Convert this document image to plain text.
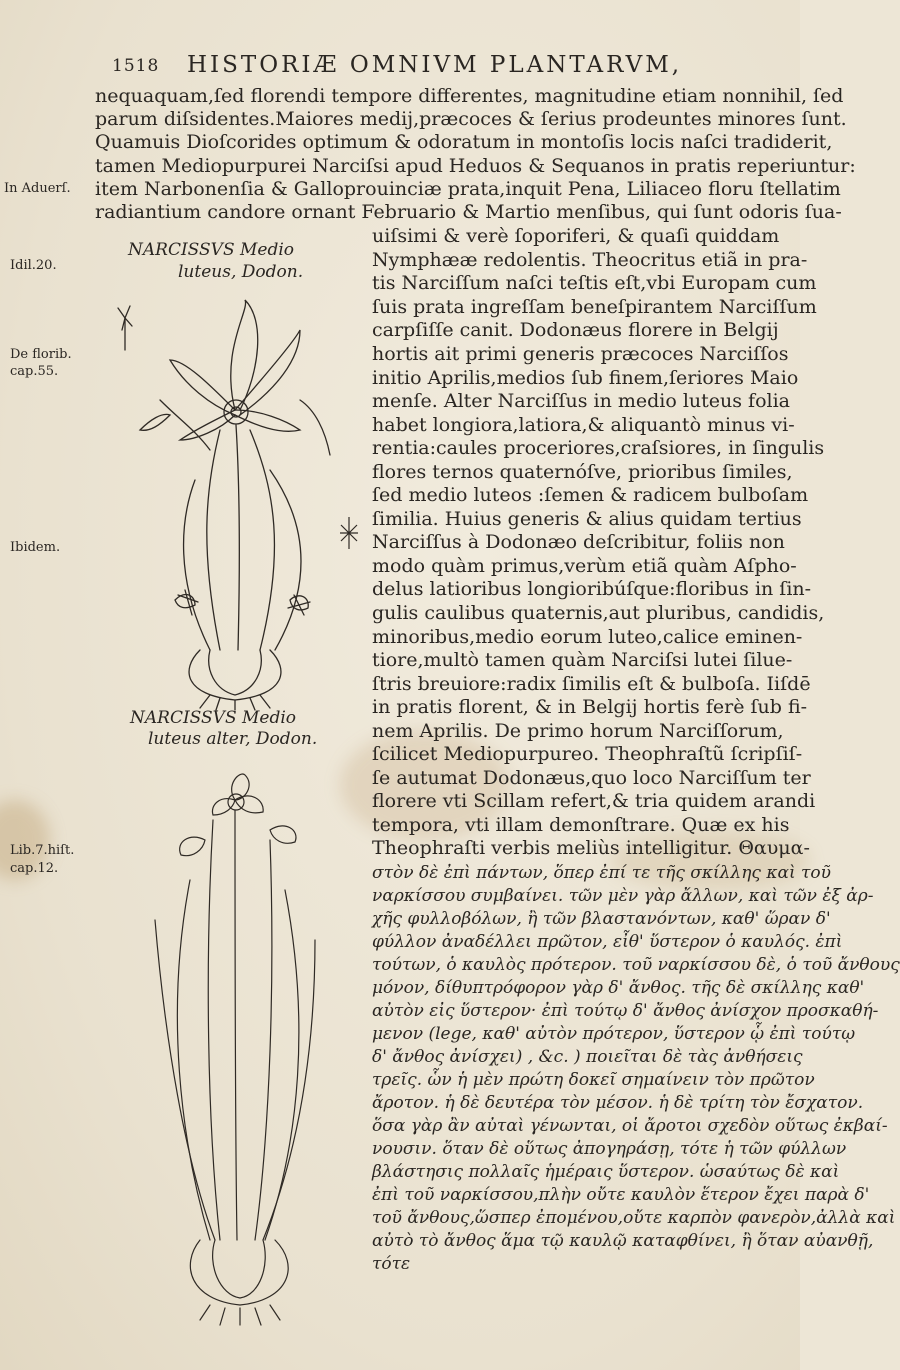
1518 HISTORIÆ OMNIVM PLANTARVM,
nequaquam,ſed florendi tempore differentes, magnitudine etiam nonnihil, ſed
parum diſsidentes.Maiores medij,præcoces & ſerius prodeuntes minores ſunt.
Quamuis Dioſcorides optimum & odoratum in montoſis locis naſci tradiderit,
tamen Mediopurpurei Narciſsi apud Heduos & Sequanos in pratis reperiuntur:
item Narbonenſia & Galloprouinciæ prata,inquit Pena, Liliaceo floru ſtellatim
radiantium candore ornant Februario & Martio menſibus, qui ſunt odoris ſua-
uiſsimi & verè ſoporiferi, & quaſi quiddam
Nymphææ redolentis. Theocritus etiã in pra-
tis Narciſſum naſci teſtis eſt,vbi Europam cum
ſuis prata ingreſſam beneſpirantem Narciſſum
carpſiſſe canit. Dodonæus florere in Belgij
hortis ait primi generis præcoces Narciſſos
initio Aprilis,medios ſub finem,ſeriores Maio
menſe. Alter Narciſſus in medio luteus folia
habet longiora,latiora,& aliquantò minus vi-
rentia:caules proceriores,craſsiores, in ſingulis
flores ternos quaternóſve, prioribus ſimiles,
ſed medio luteos :ſemen & radicem bulboſam
ſimilia. Huius generis & alius quidam tertius
Narciſſus à Dodonæo deſcribitur, foliis non
modo quàm primus,verùm etiã quàm Aſpho-
delus latioribus longioribúſque:floribus in ſin-
gulis caulibus quaternis,aut pluribus, candidis,
minoribus,medio eorum luteo,calice eminen-
tiore,multò tamen quàm Narciſsi lutei ſilue-
ſtris breuiore:radix ſimilis eſt & bulboſa. Iiſdē
in pratis florent, & in Belgij hortis ferè ſub fi-
nem Aprilis. De primo horum Narciſſorum,
ſcilicet Mediopurpureo. Theophraſtũ ſcripſiſ-
ſe autumat Dodonæus,quo loco Narciſſum ter
florere vti Scillam refert,& tria quidem arandi
tempora, vti illam demonſtrare. Quæ ex his
Theophraſti verbis meliùs intelligitur. Θαυμα-
στὸν δὲ ἐπὶ πάντων, ὅπερ ἐπί τε τῆς σκίλλης καὶ τοῦ
ναρκίσσου συμβαίνει. τῶν μὲν γὰρ ἄλλων, καὶ τῶν ἐξ ἀρ-
χῆς φυλλοβόλων, ἢ τῶν βλαστανόντων, καθ' ὥραν δ'
φύλλον ἀναδέλλει πρῶτον, εἶθ' ὕστερον ὁ καυλός. ἐπὶ
τούτων, ὁ καυλὸς πρότερον. τοῦ ναρκίσσου δὲ, ὁ τοῦ ἄνθους
μόνον, δίθυπτρόφορον γὰρ δ' ἄνθος. τῆς δὲ σκίλλης καθ'
αὐτὸν εἰς ὕστερον· ἐπὶ τούτῳ δ' ἄνθος ἀνίσχον προσκαθή-
μενον (lege, καθ' αὐτὸν πρότερον, ὕστερον ᾧ ἐπὶ τούτῳ
δ' ἄνθος ἀνίσχει) , &c. ) ποιεῖται δὲ τὰς ἀνθήσεις
τρεῖς. ὧν ἡ μὲν πρώτη δοκεῖ σημαίνειν τὸν πρῶτον
ἄροτον. ἡ δὲ δευτέρα τὸν μέσον. ἡ δὲ τρίτη τὸν ἔσχατον.
ὅσα γὰρ ἂν αὐταὶ γένωνται, οἱ ἄροτοι σχεδὸν οὕτως ἐκβαί-
νουσιν. ὅταν δὲ οὕτως ἀπογηράσῃ, τότε ἡ τῶν φύλλων
βλάστησις πολλαῖς ἡμέραις ὕστερον. ὡσαύτως δὲ καὶ
ἐπὶ τοῦ ναρκίσσου,πλὴν οὔτε καυλὸν ἕτερον ἔχει παρὰ δ'
τοῦ ἄνθους,ὥσπερ ἐπομένου,οὔτε καρπὸν φανερὸν,ἀλλὰ καὶ
αὐτὸ τὸ ἄνθος ἅμα τῷ καυλῷ καταφθίνει, ἢ ὅταν αὐανθῇ,
τότε
In Aduerſ.
Idil.20.
De florib.
cap.55.
Ibidem.
Lib.7.hiſt.
cap.12.
NARCISSVS Medio
luteus, Dodon.
NARCISSVS Medio
luteus alter, Dodon.
